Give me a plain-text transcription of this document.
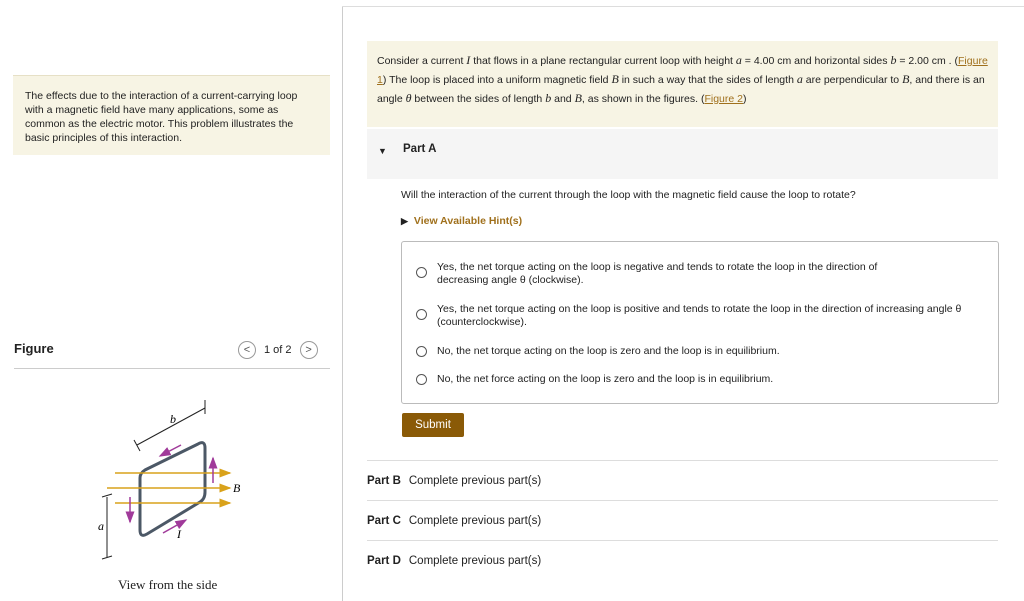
The effects due to the interaction of a current-carrying loop with a magnetic field have many applications, some as common as the electric motor. This problem illustrates the basic principles of this interaction.
Figure	<	1 of 2	>
b
B
I
a
View from the side
Consider a current I that flows in a plane rectangular current loop with height a = 4.00 cm and horizontal sides b = 2.00 cm . (Figure 1) The loop is placed into a uniform magnetic field B in such a way that the sides of length a are perpendicular to B, and there is an angle θ between the sides of length b and B, as shown in the figures. (Figure 2)
▼ Part A
Will the interaction of the current through the loop with the magnetic field cause the loop to rotate?
▶ View Available Hint(s)
Yes, the net torque acting on the loop is negative and tends to rotate the loop in the direction of decreasing angle θ (clockwise).
Yes, the net torque acting on the loop is positive and tends to rotate the loop in the direction of increasing angle θ (counterclockwise).
No, the net torque acting on the loop is zero and the loop is in equilibrium.
No, the net force acting on the loop is zero and the loop is in equilibrium.
Submit
Part B Complete previous part(s)
Part C Complete previous part(s)
Part D Complete previous part(s)
